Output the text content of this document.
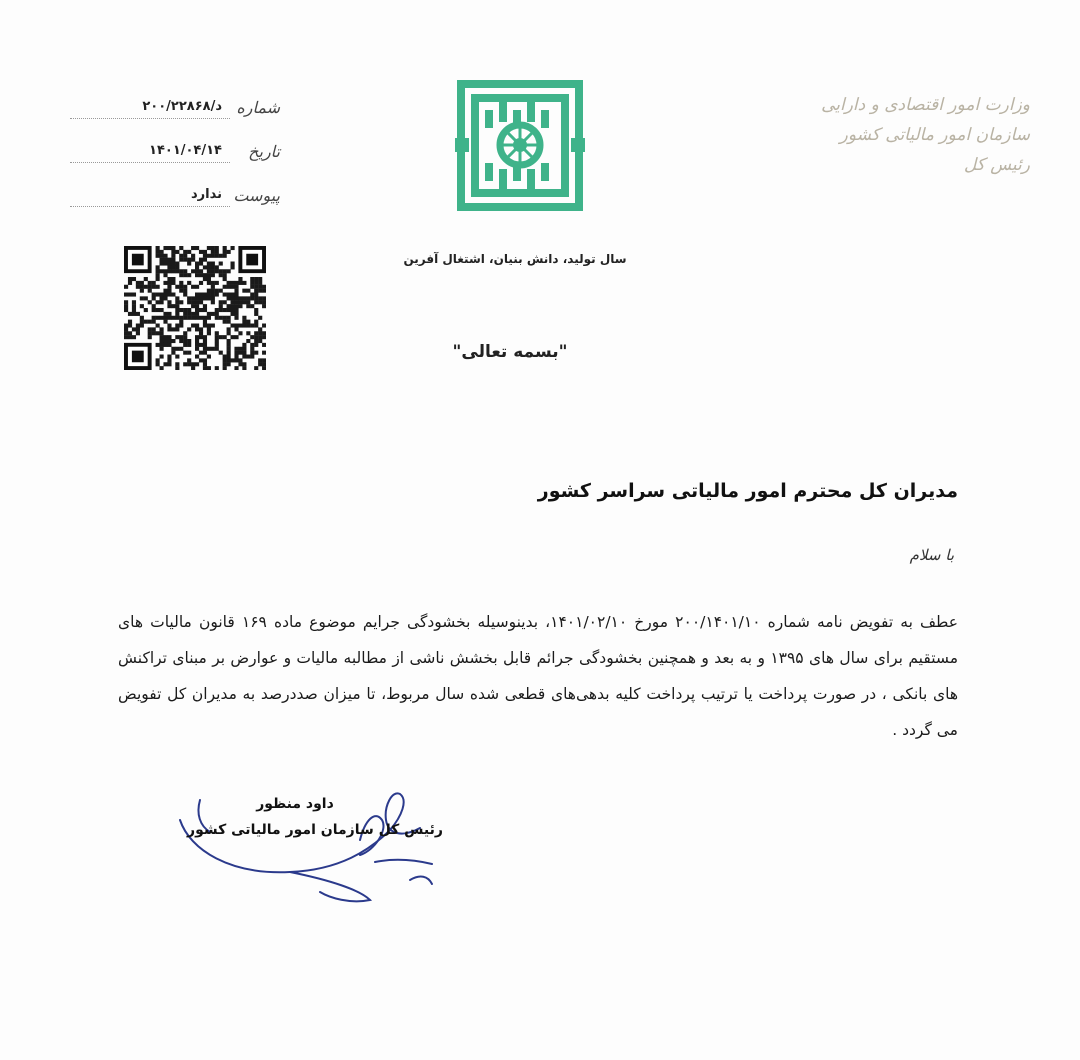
وزارت امور اقتصادی و دارایی
سازمان امور مالیاتی کشور
رئیس کل
سال تولید، دانش بنیان، اشتغال آفرین
شماره
۲۰۰/۲۲۸۶۸/د
تاریخ
۱۴۰۱/۰۴/۱۴
پیوست
ندارد
"بسمه تعالی"
مدیران کل محترم امور مالیاتی سراسر کشور
با سلام
عطف به تفویض نامه شماره ۲۰۰/۱۴۰۱/۱۰ مورخ ۱۴۰۱/۰۲/۱۰، بدینوسیله بخشودگی جرایم موضوع ماده ۱۶۹ قانون مالیات های مستقیم برای سال های ۱۳۹۵ و به بعد و همچنین بخشودگی جرائم قابل بخشش ناشی از مطالبه مالیات و عوارض بر مبنای تراکنش های بانکی ، در صورت پرداخت یا ترتیب پرداخت کلیه بدهی‌های قطعی شده سال مربوط، تا میزان صددرصد به مدیران کل تفویض می گردد .
داود منظور
رئیس کل سازمان امور مالیاتی کشور
